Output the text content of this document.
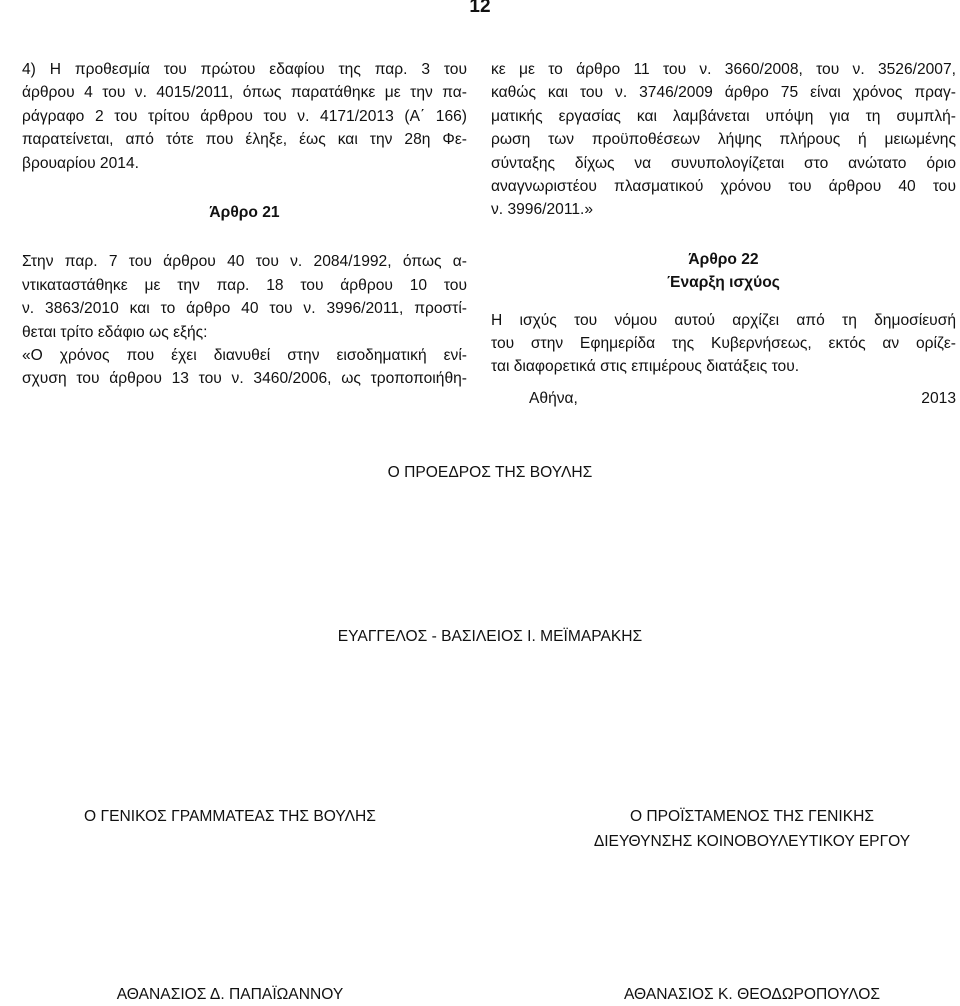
12

4) Η προθεσμία του πρώτου εδαφίου της παρ. 3 του
άρθρου 4 του ν. 4015/2011, όπως παρατάθηκε με την πα-
ράγραφο 2 του τρίτου άρθρου του ν. 4171/2013 (Α΄ 166)
παρατείνεται, από τότε που έληξε, έως και την 28η Φε-
βρουαρίου 2014.

Άρθρο 21

Στην παρ. 7 του άρθρου 40 του ν. 2084/1992, όπως α-
ντικαταστάθηκε με την παρ. 18 του άρθρου 10 του
ν. 3863/2010 και το άρθρο 40 του ν. 3996/2011, προστί-
θεται τρίτο εδάφιο ως εξής:
«Ο χρόνος που έχει διανυθεί στην εισοδηματική ενί-
σχυση του άρθρου 13 του ν. 3460/2006, ως τροποποιήθη-

κε με το άρθρο 11 του ν. 3660/2008, του ν. 3526/2007,
καθώς και του ν. 3746/2009 άρθρο 75 είναι χρόνος πραγ-
ματικής εργασίας και λαμβάνεται υπόψη για τη συμπλή-
ρωση των προϋποθέσεων λήψης πλήρους ή μειωμένης
σύνταξης δίχως να συνυπολογίζεται στο ανώτατο όριο
αναγνωριστέου πλασματικού χρόνου του άρθρου 40 του
ν. 3996/2011.»

Άρθρο 22
Έναρξη ισχύος

Η ισχύς του νόμου αυτού αρχίζει από τη δημοσίευσή
του στην Εφημερίδα της Κυβερνήσεως, εκτός αν ορίζε-
ται διαφορετικά στις επιμέρους διατάξεις του.

Αθήνα,	2013
Ο ΠΡΟΕΔΡΟΣ ΤΗΣ ΒΟΥΛΗΣ
ΕΥΑΓΓΕΛΟΣ - ΒΑΣΙΛΕΙΟΣ Ι. ΜΕΪΜΑΡΑΚΗΣ
Ο ΓΕΝΙΚΟΣ ΓΡΑΜΜΑΤΕΑΣ ΤΗΣ ΒΟΥΛΗΣ	Ο ΠΡΟΪΣΤΑΜΕΝΟΣ ΤΗΣ ΓΕΝΙΚΗΣ
ΔΙΕΥΘΥΝΣΗΣ ΚΟΙΝΟΒΟΥΛΕΥΤΙΚΟΥ ΕΡΓΟΥ
ΑΘΑΝΑΣΙΟΣ Δ. ΠΑΠΑΪΩΑΝΝΟΥ	ΑΘΑΝΑΣΙΟΣ Κ. ΘΕΟΔΩΡΟΠΟΥΛΟΣ
